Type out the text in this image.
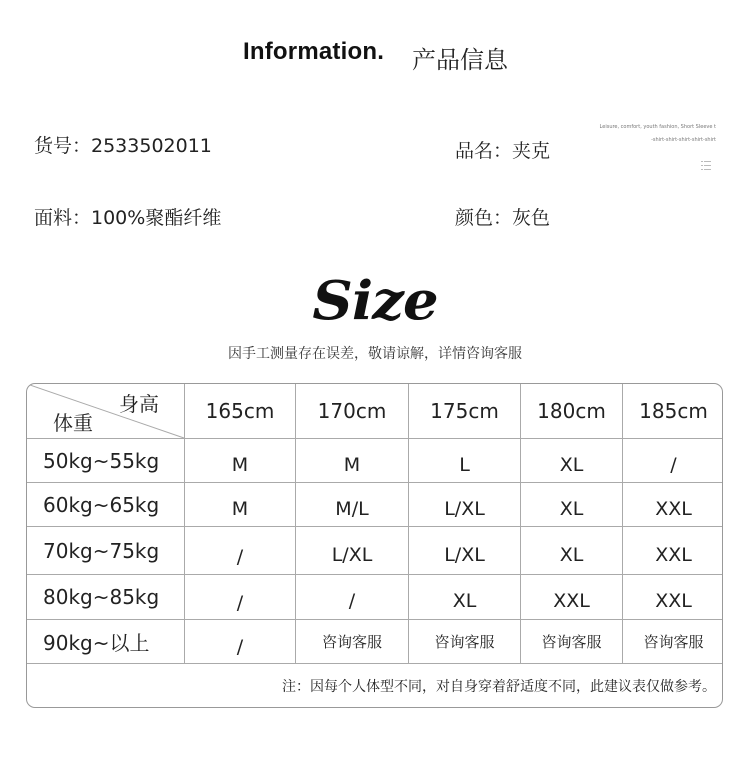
Information. 产品信息
货号：2533502011	品名：夹克
面料：100%聚酯纤维	颜色：灰色
Leisure, comfort, youth fashion, Short Sleeve t
-shirt-shirt-shirt-shirt-shirt
Size
因手工测量存在误差，敬请谅解，详情咨询客服
身高
体重	165cm	170cm	175cm	180cm	185cm
50kg~55kg	M	M	L	XL	/
60kg~65kg	M	M/L	L/XL	XL	XXL
70kg~75kg	/	L/XL	L/XL	XL	XXL
80kg~85kg	/	/	XL	XXL	XXL
90kg~以上	/	咨询客服	咨询客服	咨询客服	咨询客服
注：因每个人体型不同，对自身穿着舒适度不同，此建议表仅做参考。
